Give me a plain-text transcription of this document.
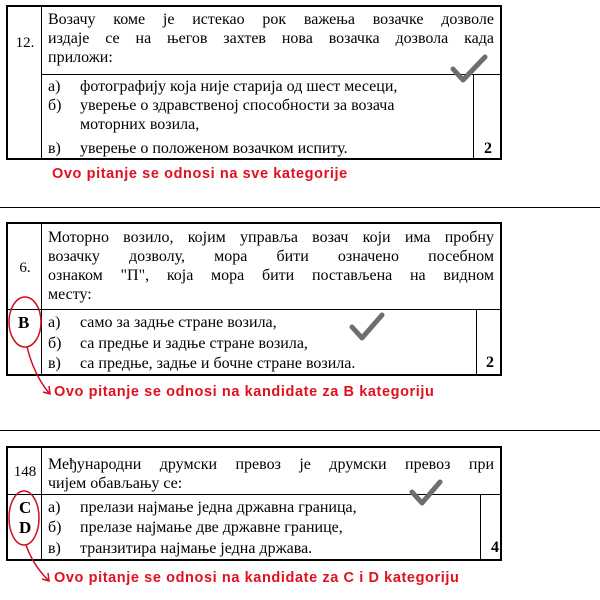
12.
Возачу коме је истекао рок важења возачке дозволе
издаје се на његов захтев нова возачка дозвола када

приложи:
а) фотографију која није старија од шест месеци,
б) уверење о здравственој способности за возача
моторних возила,
в) уверење о положеном возачком испиту.	2
Ovo pitanje se odnosi na sve kategorije
6.
Моторно возило, којим управља возач који има пробну
возачку дозволу, мора бити означено посебном
ознаком "П", која мора бити постављена на видном

месту:
B а) само за задње стране возила,
б) са предње и задње стране возила,
в) са предње, задње и бочне стране возила.	2
Ovo pitanje se odnosi na kandidate za B kategoriju
148 Међународни друмски превоз је друмски превоз при

чијем обављању се:
C
D
а) прелази најмање једна државна граница,
б) прелазе најмање две државне границе,
в) транзитира најмање једна држава.	4
Ovo pitanje se odnosi na kandidate za C i D kategoriju
